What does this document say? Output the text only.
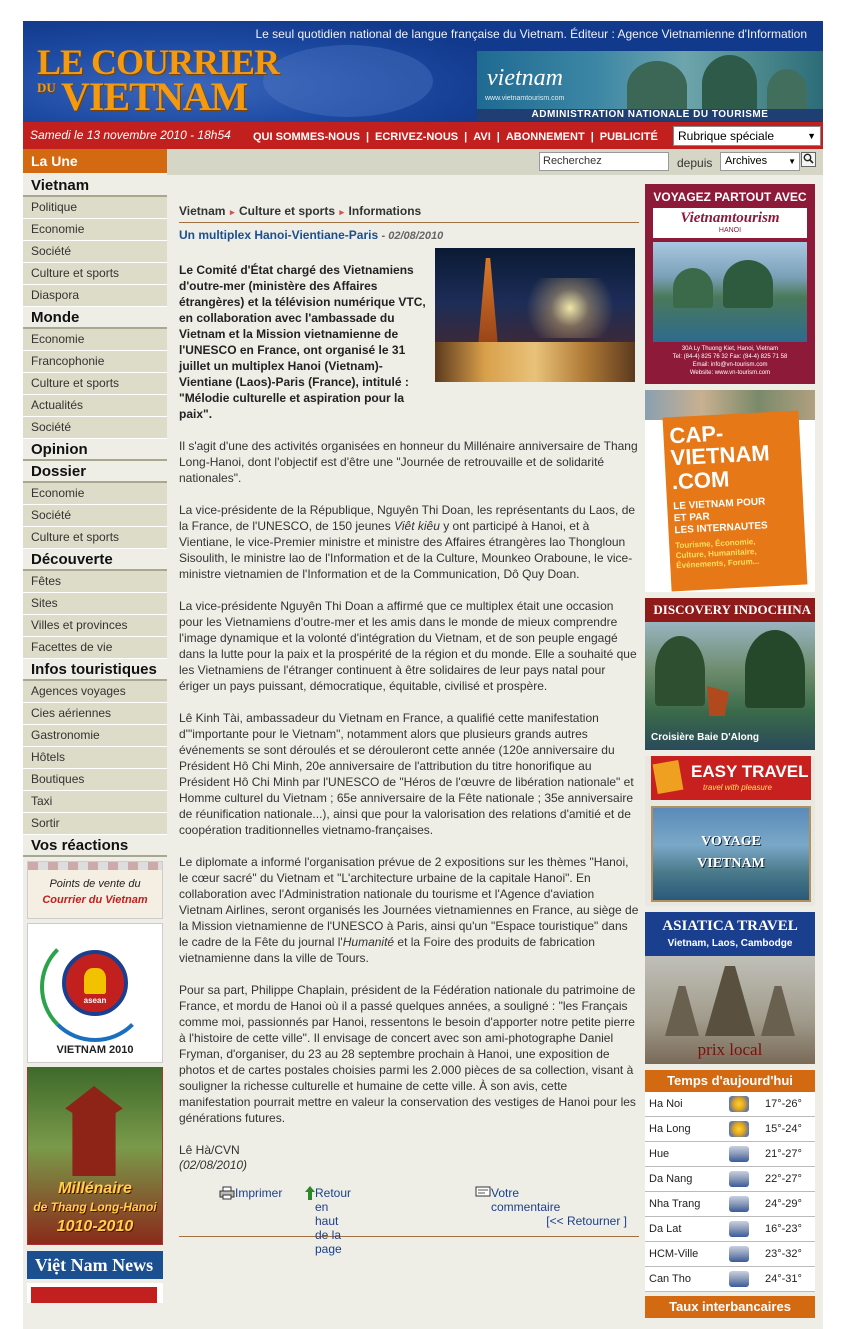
Le seul quotidien national de langue française du Vietnam. Éditeur : Agence Vietnamienne d'Information
LE COURRIER
DU VIETNAM	vietnam
www.vietnamtourism.com
ADMINISTRATION NATIONALE DU TOURISME
Samedi le 13 novembre 2010 - 18h54 QUI SOMMES-NOUS | ECRIVEZ-NOUS | AVI | ABONNEMENT | PUBLICITÉ	Rubrique spéciale	▼
La Une	Recherchez	depuis	Archives	▼
Vietnam
Politique
Economie
Société
Culture et sports
Diaspora
Monde
Economie
Francophonie
Culture et sports
Actualités
Société
Opinion
Dossier
Economie
Société
Culture et sports
Découverte
Fêtes
Sites
Villes et provinces
Facettes de vie
Infos touristiques
Agences voyages
Cies aériennes
Gastronomie
Hôtels
Boutiques
Taxi
Sortir
Vos réactions
Points de vente du
Courrier du Vietnam
asean
VIETNAM 2010
Millénaire
de Thang Long-Hanoi
1010-2010
Việt Nam News
Vietnam ▸ Culture et sports ▸ Informations
Un multiplex Hanoi-Vientiane-Paris - 02/08/2010
Le Comité d'État chargé des Vietnamiens d'outre-mer (ministère des Affaires étrangères) et la télévision numérique VTC, en collaboration avec l'ambassade du Vietnam et la Mission vietnamienne de l'UNESCO en France, ont organisé le 31 juillet un multiplex Hanoi (Vietnam)-Vientiane (Laos)-Paris (France), intitulé : "Mélodie culturelle et aspiration pour la paix".
Il s'agit d'une des activités organisées en honneur du Millénaire anniversaire de Thang Long-Hanoi, dont l'objectif est d'être une "Journée de retrouvaille et de solidarité nationales".
La vice-présidente de la République, Nguyên Thi Doan, les représentants du Laos, de la France, de l'UNESCO, de 150 jeunes Viêt kiêu y ont participé à Hanoi, et à Vientiane, le vice-Premier ministre et ministre des Affaires étrangères lao Thongloun Sisoulith, le ministre lao de l'Information et de la Culture, Mounkeo Oraboune, le vice-ministre vietnamien de l'Information et de la Communication, Dô Quy Doan.
La vice-présidente Nguyên Thi Doan a affirmé que ce multiplex était une occasion pour les Vietnamiens d'outre-mer et les amis dans le monde de mieux comprendre l'image dynamique et la volonté d'intégration du Vietnam, et de son peuple engagé dans la lutte pour la paix et la prospérité de la région et du monde. Elle a souhaité que les Vietnamiens de l'étranger continuent à être solidaires de leur pays natal pour ériger un pays puissant, démocratique, équitable, civilisé et prospère.
Lê Kinh Tài, ambassadeur du Vietnam en France, a qualifié cette manifestation d'"importante pour le Vietnam", notamment alors que plusieurs grands autres événements se sont déroulés et se dérouleront cette année (120e anniversaire du Président Hô Chi Minh, 20e anniversaire de l'attribution du titre honorifique au Président Hô Chi Minh par l'UNESCO de "Héros de l'œuvre de libération nationale" et Homme culturel du Vietnam ; 65e anniversaire de la Fête nationale ; 35e anniversaire de réunification nationale...), ainsi que pour la valorisation des relations d'amitié et de coopération traditionnelles vietnamo-françaises.
Le diplomate a informé l'organisation prévue de 2 expositions sur les thèmes "Hanoi, le cœur sacré" du Vietnam et "L'architecture urbaine de la capitale Hanoi". En collaboration avec l'Administration nationale du tourisme et l'Agence d'aviation Vietnam Airlines, seront organisés les Journées vietnamiennes en France, au siège de la Mission vietnamienne de l'UNESCO à Paris, ainsi qu'un "Espace touristique" dans le cadre de la Fête du journal l'Humanité et la Foire des produits de fabrication vietnamienne dans la ville de Tours.
Pour sa part, Philippe Chaplain, président de la Fédération nationale du patrimoine de France, et mordu de Hanoi où il a passé quelques années, a souligné : "les Français comme moi, passionnés par Hanoi, ressentons le besoin d'apporter notre petite pierre à l'histoire de cette ville". Il envisage de concert avec son ami-photographe Daniel Fryman, d'organiser, du 23 au 28 septembre prochain à Hanoi, une exposition de photos et de cartes postales choisies parmi les 2.000 pièces de sa collection, visant à souligner la richesse culturelle et humaine de cette ville. À son avis, cette manifestation pourrait mettre en valeur la conservation des vestiges de Hanoi pour les générations futures.
Lê Hà/CVN
(02/08/2010)
Imprimer	Retour en haut de la page
Votre commentaire
[<< Retourner ]
VOYAGEZ PARTOUT AVEC
Vietnamtourism
HANOI
30A Ly Thuong Kiet, Hanoi, Vietnam
Tel: (84-4) 825 76 32 Fax: (84-4) 825 71 58
Email: info@vn-tourism.com
Website: www.vn-tourism.com
CAP-
VIETNAM
.COM
LE VIETNAM POUR
ET PAR
LES INTERNAUTES
Tourisme, Économie,
Culture, Humanitaire,
Événements, Forum...
DISCOVERY INDOCHINA
Croisière Baie D'Along
EASY TRAVEL
travel with pleasure
VOYAGE
VIETNAM
ASIATICA TRAVEL
Vietnam, Laos, Cambodge
prix local
Temps d'aujourd'hui
Ha Noi	17°-26°
Ha Long	15°-24°
Hue	21°-27°
Da Nang	22°-27°
Nha Trang	24°-29°
Da Lat	16°-23°
HCM-Ville	23°-32°
Can Tho	24°-31°
Taux interbancaires
